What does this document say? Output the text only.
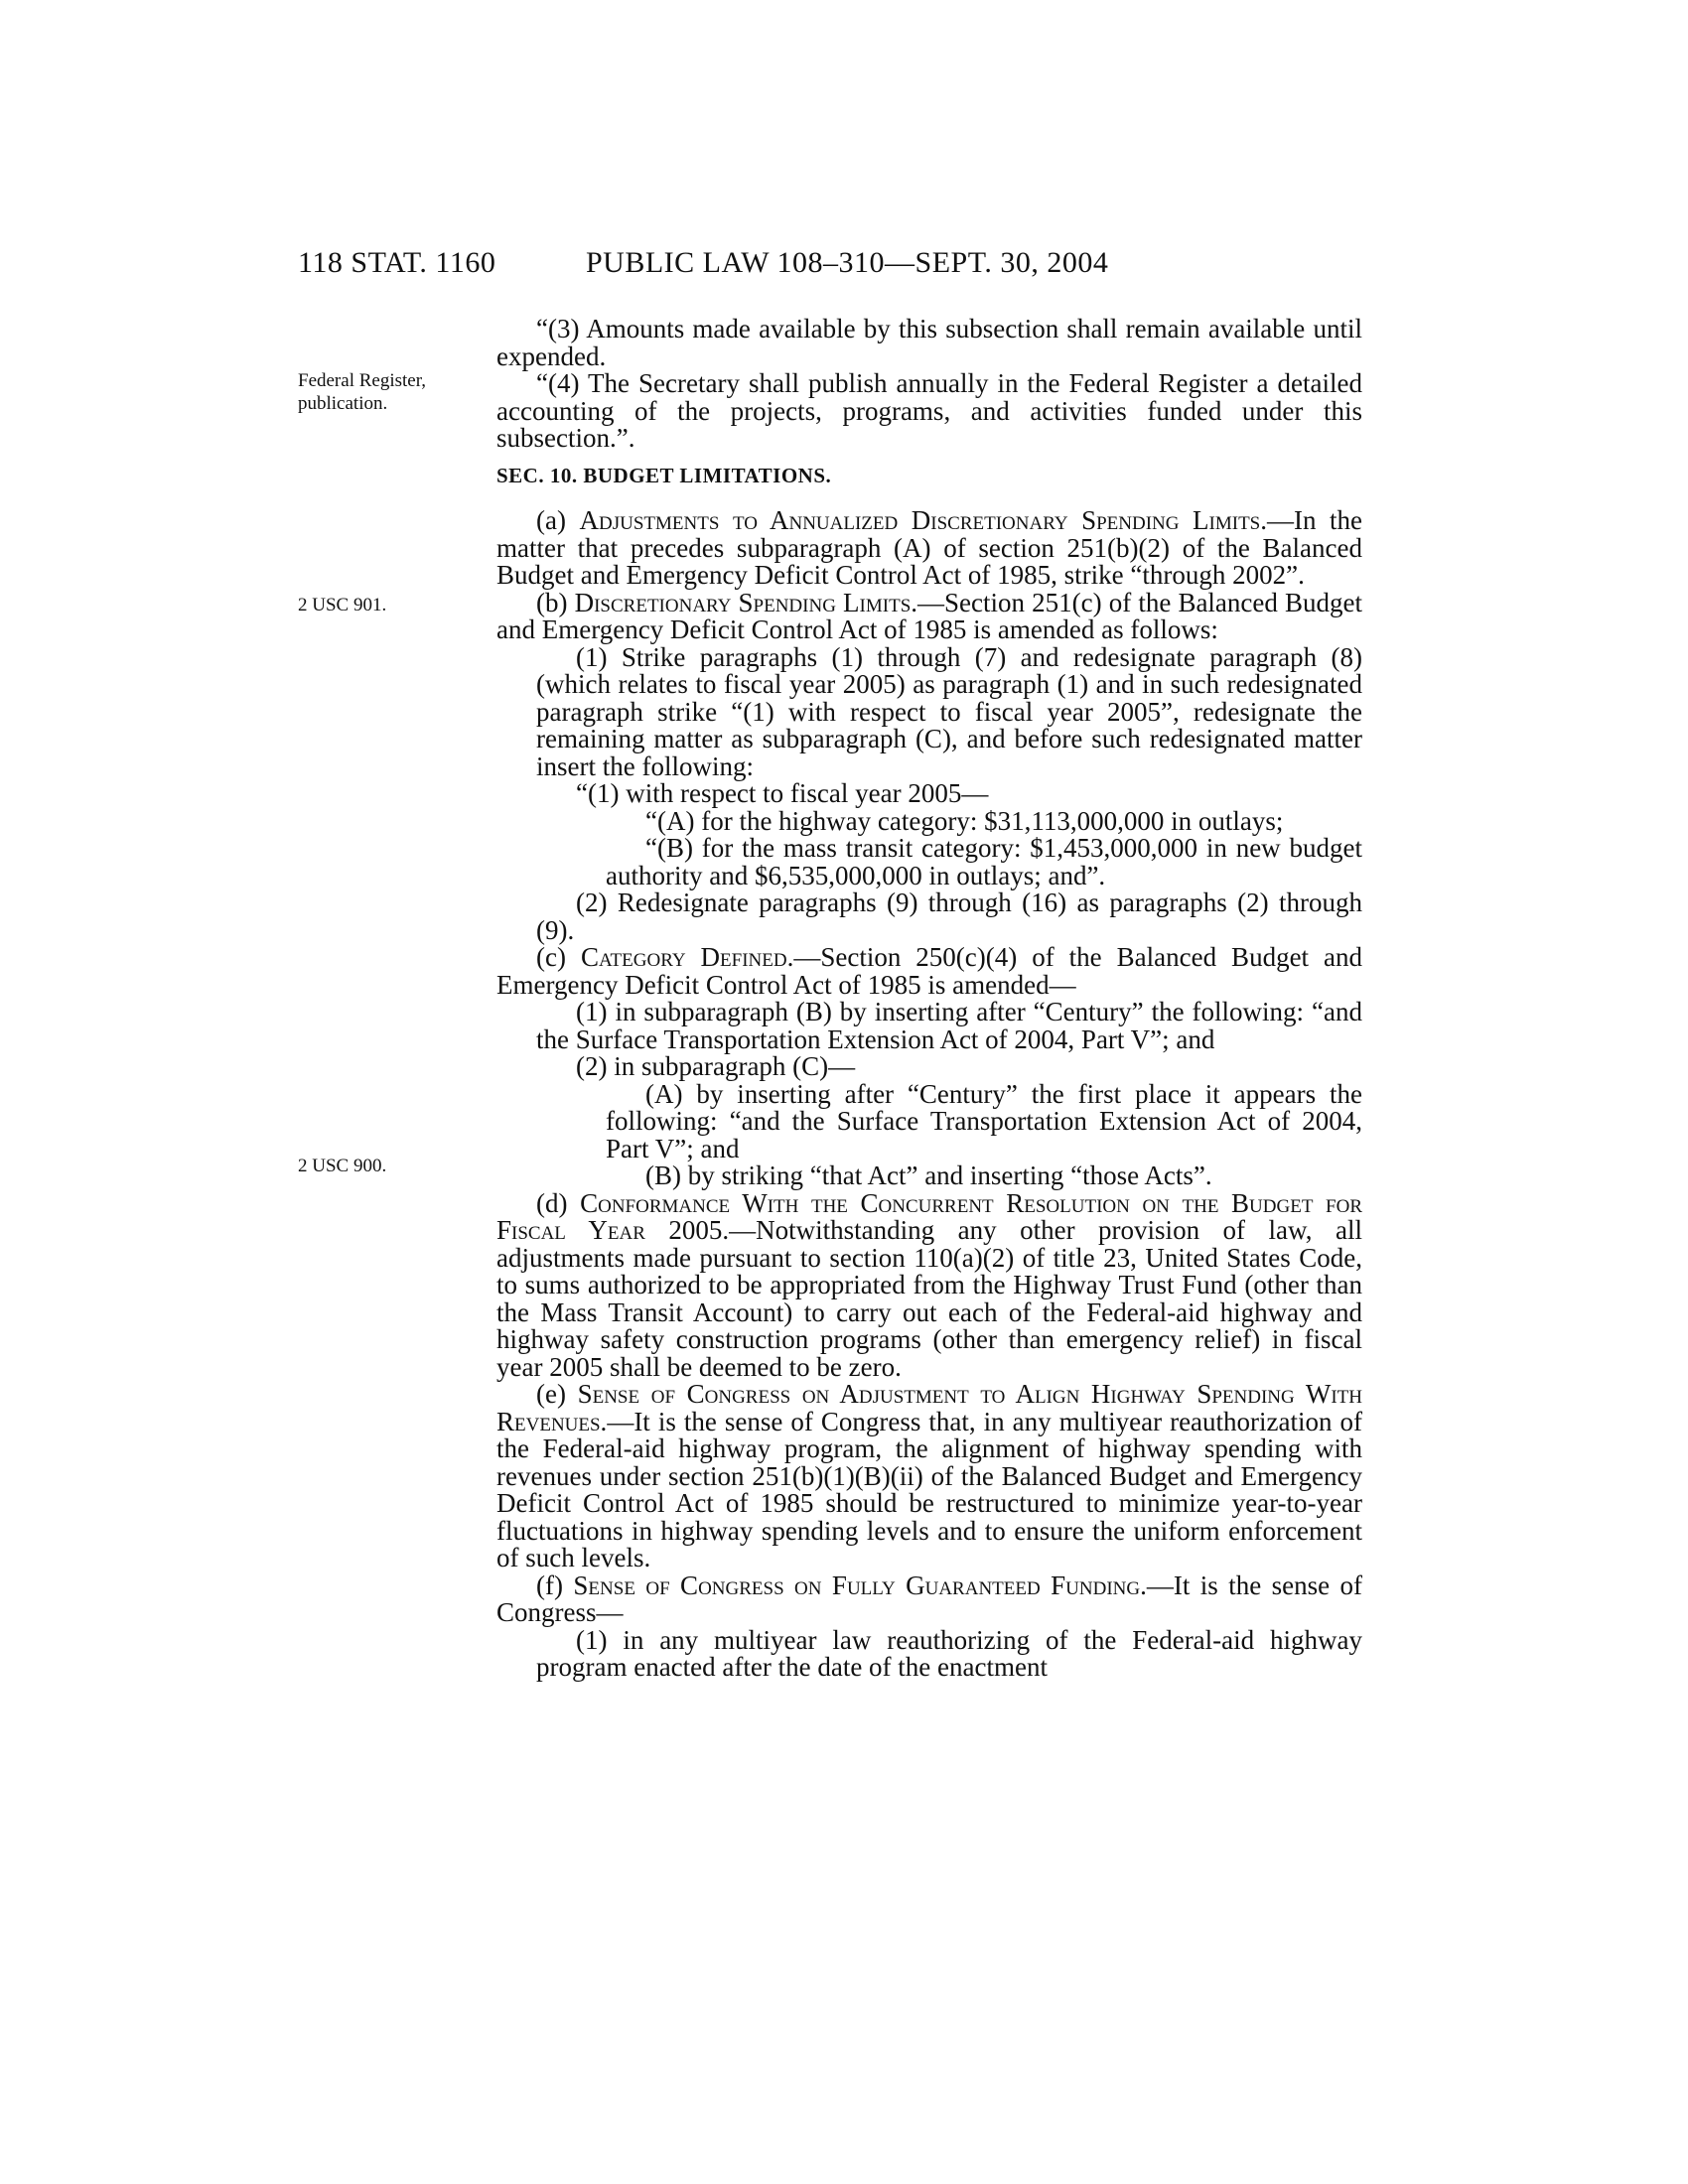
118 STAT. 1160	PUBLIC LAW 108–310—SEPT. 30, 2004
Federal Register,
publication.
2 USC 901.
2 USC 900.

“(3) Amounts made available by this subsection shall remain available until expended.

“(4) The Secretary shall publish annually in the Federal Register a detailed accounting of the projects, programs, and activities funded under this subsection.”.

SEC. 10. BUDGET LIMITATIONS.

(a) Adjustments to Annualized Discretionary Spending Limits.—In the matter that precedes subparagraph (A) of section 251(b)(2) of the Balanced Budget and Emergency Deficit Control Act of 1985, strike “through 2002”.

(b) Discretionary Spending Limits.—Section 251(c) of the Balanced Budget and Emergency Deficit Control Act of 1985 is amended as follows:

(1) Strike paragraphs (1) through (7) and redesignate paragraph (8) (which relates to fiscal year 2005) as paragraph (1) and in such redesignated paragraph strike “(1) with respect to fiscal year 2005”, redesignate the remaining matter as subparagraph (C), and before such redesignated matter insert the following:

“(1) with respect to fiscal year 2005—

“(A) for the highway category: $31,113,000,000 in outlays;

“(B) for the mass transit category: $1,453,000,000 in new budget authority and $6,535,000,000 in outlays; and”.

(2) Redesignate paragraphs (9) through (16) as paragraphs (2) through (9).

(c) Category Defined.—Section 250(c)(4) of the Balanced Budget and Emergency Deficit Control Act of 1985 is amended—

(1) in subparagraph (B) by inserting after “Century” the following: “and the Surface Transportation Extension Act of 2004, Part V”; and

(2) in subparagraph (C)—

(A) by inserting after “Century” the first place it appears the following: “and the Surface Transportation Extension Act of 2004, Part V”; and

(B) by striking “that Act” and inserting “those Acts”.

(d) Conformance With the Concurrent Resolution on the Budget for Fiscal Year 2005.—Notwithstanding any other provision of law, all adjustments made pursuant to section 110(a)(2) of title 23, United States Code, to sums authorized to be appropriated from the Highway Trust Fund (other than the Mass Transit Account) to carry out each of the Federal-aid highway and highway safety construction programs (other than emergency relief) in fiscal year 2005 shall be deemed to be zero.

(e) Sense of Congress on Adjustment to Align Highway Spending With Revenues.—It is the sense of Congress that, in any multiyear reauthorization of the Federal-aid highway program, the alignment of highway spending with revenues under section 251(b)(1)(B)(ii) of the Balanced Budget and Emergency Deficit Control Act of 1985 should be restructured to minimize year-to-year fluctuations in highway spending levels and to ensure the uniform enforcement of such levels.

(f) Sense of Congress on Fully Guaranteed Funding.—It is the sense of Congress—

(1) in any multiyear law reauthorizing of the Federal-aid highway program enacted after the date of the enactment
